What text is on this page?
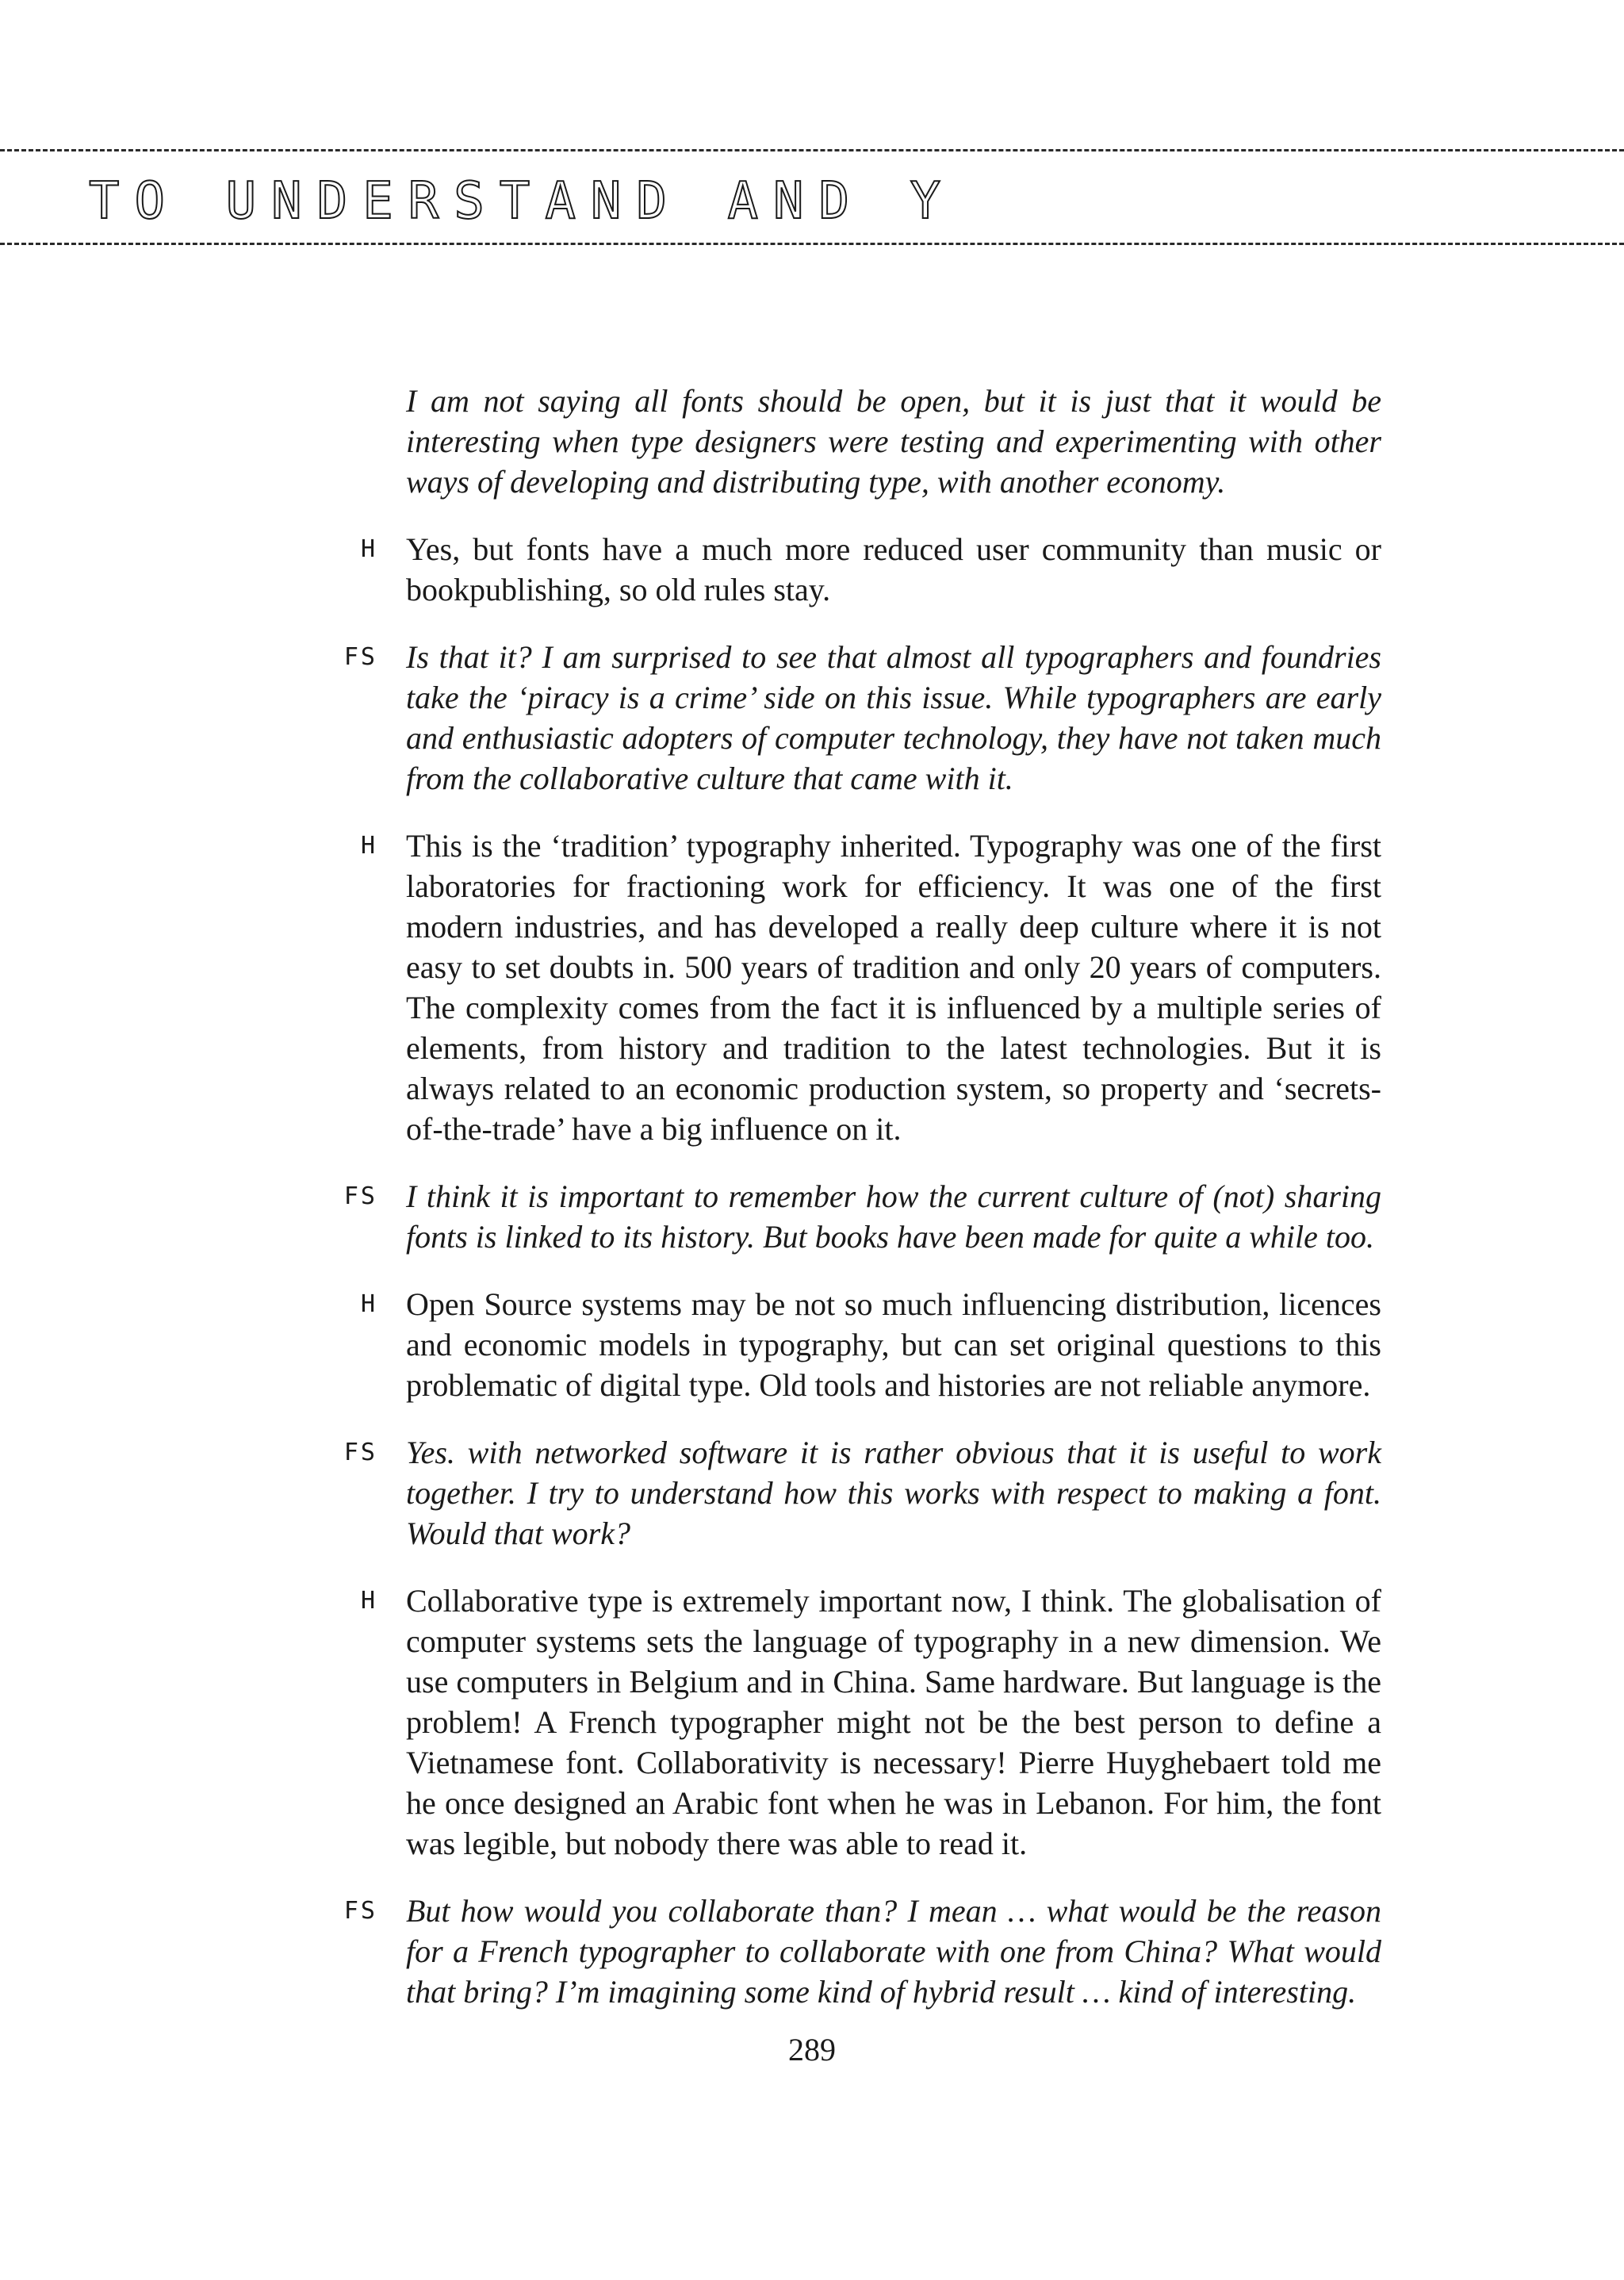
TO UNDERSTAND AND Y
I am not saying all fonts should be open, but it is just that it would be interesting when type designers were testing and experimenting with other ways of developing and distributing type, with another economy.
H Yes, but fonts have a much more reduced user community than music or bookpublishing, so old rules stay.
FS Is that it? I am surprised to see that almost all typographers and foundries take the ‘piracy is a crime’ side on this issue. While typographers are early and enthusiastic adopters of computer technology, they have not taken much from the collaborative culture that came with it.
H This is the ‘tradition’ typography inherited. Typography was one of the first laboratories for fractioning work for efficiency. It was one of the first modern industries, and has developed a really deep culture where it is not easy to set doubts in. 500 years of tradition and only 20 years of computers. The complexity comes from the fact it is influenced by a multiple series of elements, from history and tradition to the latest technologies. But it is always related to an economic production system, so property and ‘secrets-of-the-trade’ have a big influence on it.
FS I think it is important to remember how the current culture of (not) sharing fonts is linked to its history. But books have been made for quite a while too.
H Open Source systems may be not so much influencing distribution, licences and economic models in typography, but can set original questions to this problematic of digital type. Old tools and histories are not reliable anymore.
FS Yes. with networked software it is rather obvious that it is useful to work together. I try to understand how this works with respect to making a font. Would that work?
H Collaborative type is extremely important now, I think. The globalisation of computer systems sets the language of typography in a new dimension. We use computers in Belgium and in China. Same hardware. But language is the problem! A French typographer might not be the best person to define a Vietnamese font. Collaborativity is necessary! Pierre Huyghebaert told me he once designed an Arabic font when he was in Lebanon. For him, the font was legible, but nobody there was able to read it.
FS But how would you collaborate than? I mean … what would be the reason for a French typographer to collaborate with one from China? What would that bring? I’m imagining some kind of hybrid result … kind of interesting.
289
